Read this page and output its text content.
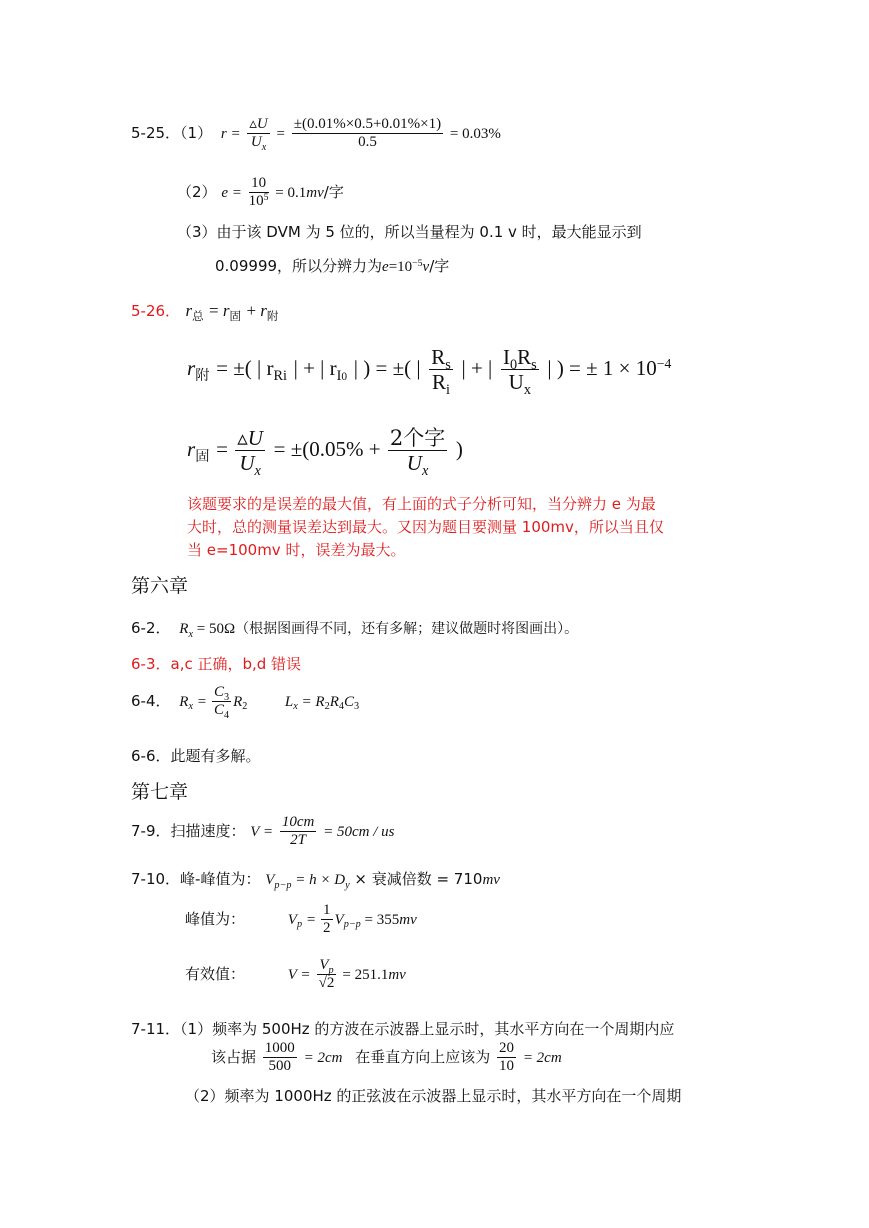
5-25．（1） $r = \frac{▵U}{U_x} = \frac{\pm(0.01\%\times 0.5+0.01\%\times 1)}{0.5} = 0.03\%$
（2） $e = \frac{10}{10^5} = 0.1mv/$字
（3）由于该 DVM 为 5 位的，所以当量程为 0.1 v 时，最大能显示到
0.09999，所以分辨力为$e=10^{-5}v/$字
5-26． $r_总 = r_固 + r_附$
$r_附$ = ±( | $r_{Ri}$ | + | $r_{I0}$ | ) = ±( | $\frac{R_s}{R_i}$ | + | $\frac{I_0R_s}{U_x}$ | ) = ± $1 \times 10^{-4}$
$r_固 = \frac{▵U}{U_x} = \pm(0.05\% + \frac{\text{2个字}}{U_x}$ )
该题要求的是误差的最大值，有上面的式子分析可知，当分辨力 e 为最
大时，总的测量误差达到最大。又因为题目要测量 100mv，所以当且仅
当 e=100mv 时，误差为最大。
第六章
6-2． $R_x = 50\Omega$（根据图画得不同，还有多解；建议做题时将图画出）。
6-3．a,c 正确，b,d 错误
6-4． $R_x = \frac{C_3}{C_4} R_2$	$L_x = R_2R_4C_3$
6-6．此题有多解。
第七章
7-9．扫描速度： $V = \frac{10cm}{2T} = 50cm$ / us
7-10．峰-峰值为： $V_{p-p} = h \times D_y$ × 衰减倍数 = 710mv
峰值为：	$V_p = \frac{1}{2} V_{p-p} = 355mv$
有效值：	$V = \frac{V_p}{√2} = 251.1mv$
7-11．（1）频率为 500Hz 的方波在示波器上显示时，其水平方向在一个周期内应
该占据 $\frac{1000}{500} = 2cm$ 在垂直方向上应该为 $\frac{20}{10} = 2cm$
（2）频率为 1000Hz 的正弦波在示波器上显示时，其水平方向在一个周期
